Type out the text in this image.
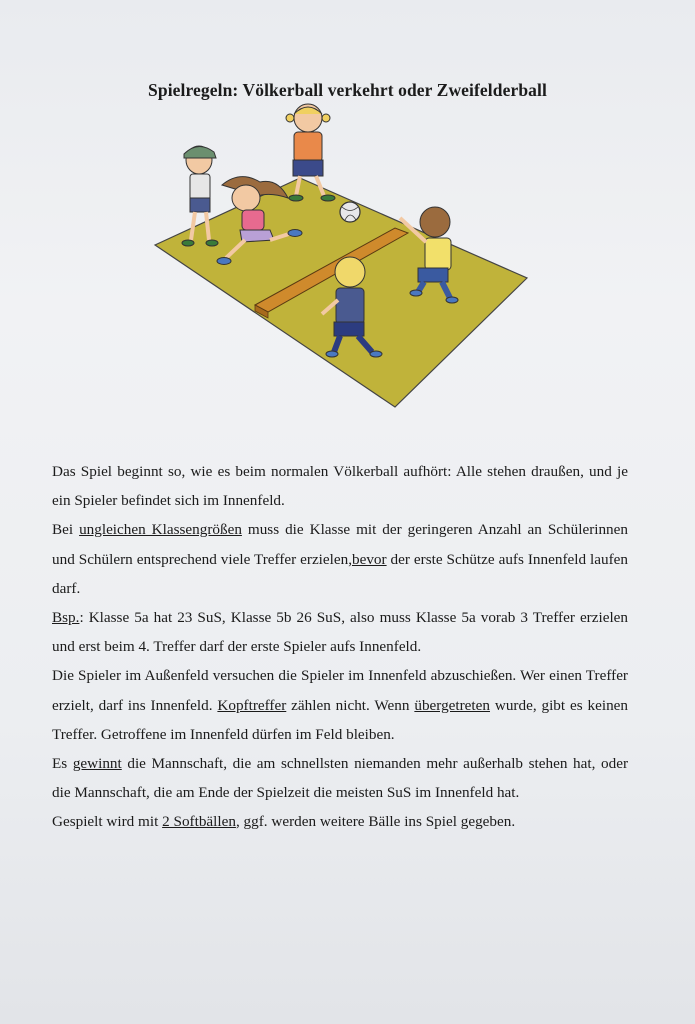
Spielregeln: Völkerball verkehrt oder Zweifelderball

Das Spiel beginnt so, wie es beim normalen Völkerball aufhört: Alle stehen draußen, und je ein Spieler befindet sich im Innenfeld.

Bei ungleichen Klassengrößen muss die Klasse mit der geringeren Anzahl an Schülerinnen und Schülern entsprechend viele Treffer erzielen,bevor der erste Schütze aufs Innenfeld laufen darf.

Bsp.: Klasse 5a hat 23 SuS, Klasse 5b 26 SuS, also muss Klasse 5a vorab 3 Treffer erzielen und erst beim 4. Treffer darf der erste Spieler aufs Innenfeld.

Die Spieler im Außenfeld versuchen die Spieler im Innenfeld abzuschießen. Wer einen Treffer erzielt, darf ins Innenfeld. Kopftreffer zählen nicht. Wenn übergetreten wurde, gibt es keinen Treffer. Getroffene im Innenfeld dürfen im Feld bleiben.

Es gewinnt die Mannschaft, die am schnellsten niemanden mehr außerhalb stehen hat, oder die Mannschaft, die am Ende der Spielzeit die meisten SuS im Innenfeld hat.

Gespielt wird mit 2 Softbällen, ggf. werden weitere Bälle ins Spiel gegeben.
